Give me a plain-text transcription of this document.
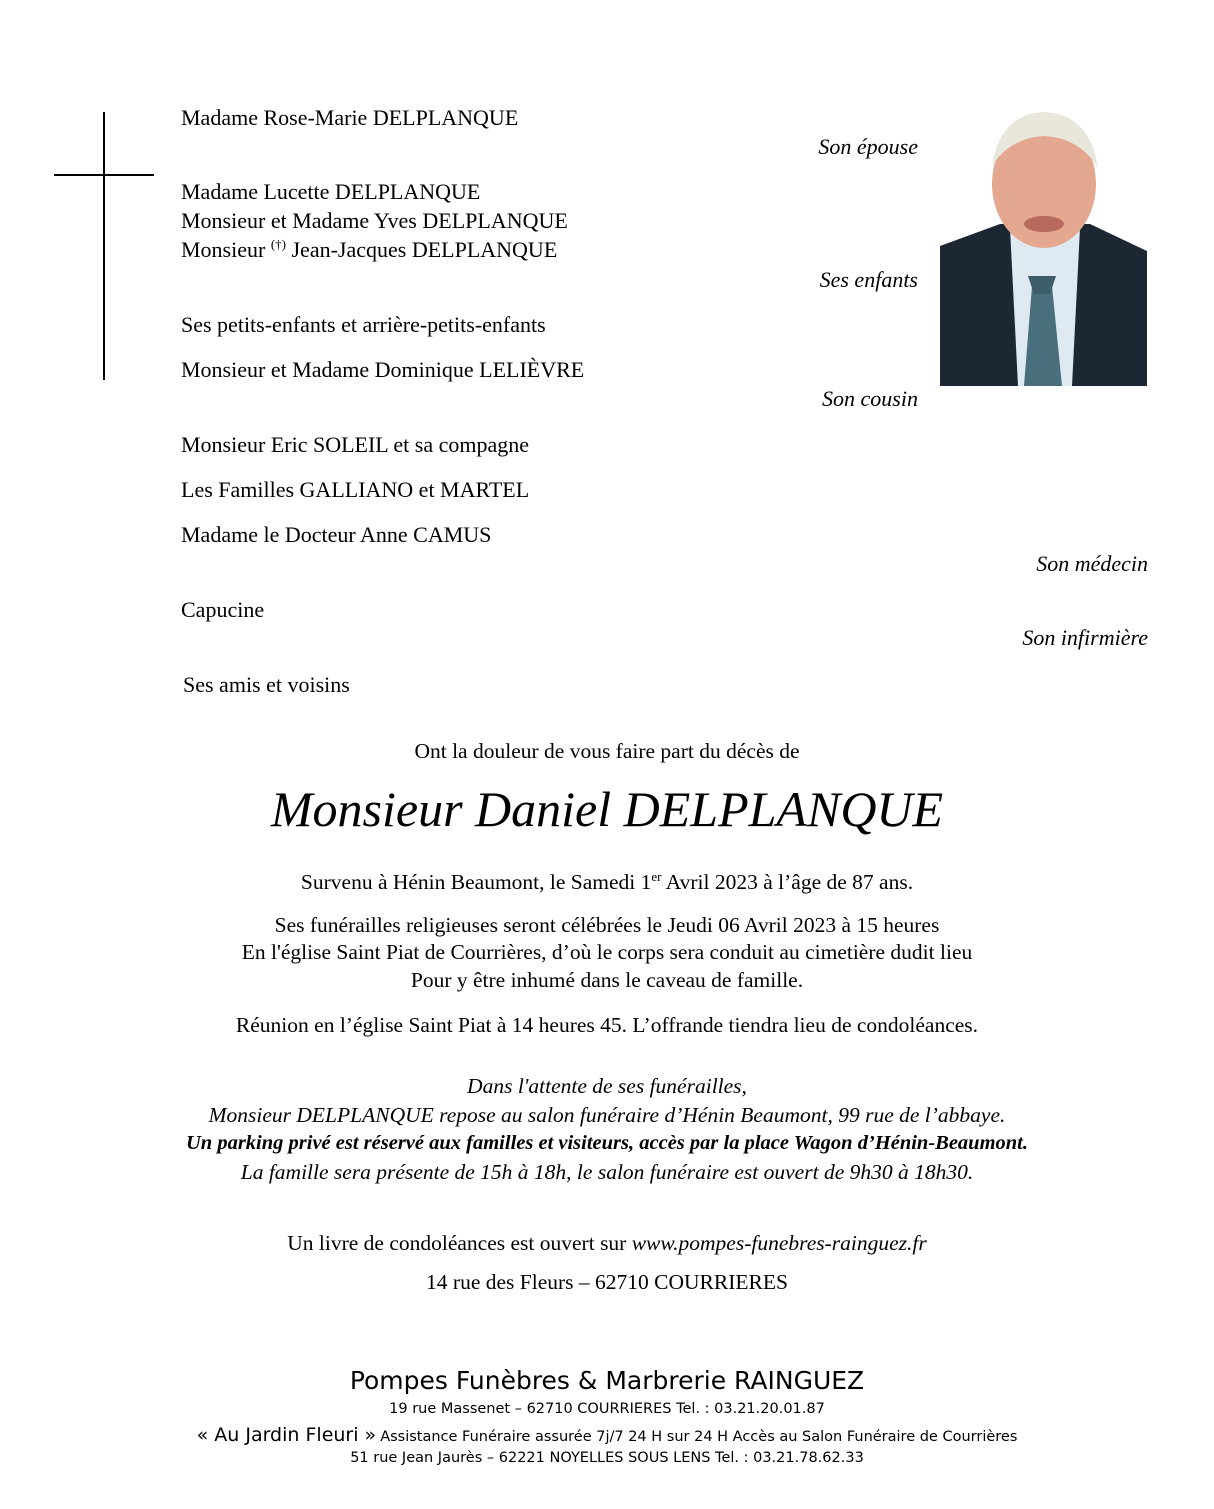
Madame Rose-Marie DELPLANQUE
Son épouse
Madame Lucette DELPLANQUE
Monsieur et Madame Yves DELPLANQUE
Monsieur (†) Jean-Jacques DELPLANQUE
Ses enfants
Ses petits-enfants et arrière-petits-enfants
Monsieur et Madame Dominique LELIÈVRE
Son cousin
Monsieur Eric SOLEIL et sa compagne
Les Familles GALLIANO et MARTEL
Madame le Docteur Anne CAMUS
Son médecin
Capucine
Son infirmière
Ses amis et voisins
Ont la douleur de vous faire part du décès de
Monsieur Daniel DELPLANQUE
Survenu à Hénin Beaumont, le Samedi 1er Avril 2023 à l’âge de 87 ans.
Ses funérailles religieuses seront célébrées le Jeudi 06 Avril 2023 à 15 heures
En l'église Saint Piat de Courrières, d’où le corps sera conduit au cimetière dudit lieu
Pour y être inhumé dans le caveau de famille.
Réunion en l’église Saint Piat à 14 heures 45. L’offrande tiendra lieu de condoléances.
Dans l'attente de ses funérailles,
Monsieur DELPLANQUE repose au salon funéraire d’Hénin Beaumont, 99 rue de l’abbaye.
Un parking privé est réservé aux familles et visiteurs, accès par la place Wagon d’Hénin-Beaumont.
La famille sera présente de 15h à 18h, le salon funéraire est ouvert de 9h30 à 18h30.
Un livre de condoléances est ouvert sur www.pompes-funebres-rainguez.fr
14 rue des Fleurs – 62710 COURRIERES
Pompes Funèbres & Marbrerie RAINGUEZ
19 rue Massenet – 62710 COURRIERES Tel. : 03.21.20.01.87
« Au Jardin Fleuri » Assistance Funéraire assurée 7j/7 24 H sur 24 H Accès au Salon Funéraire de Courrières
51 rue Jean Jaurès – 62221 NOYELLES SOUS LENS Tel. : 03.21.78.62.33
